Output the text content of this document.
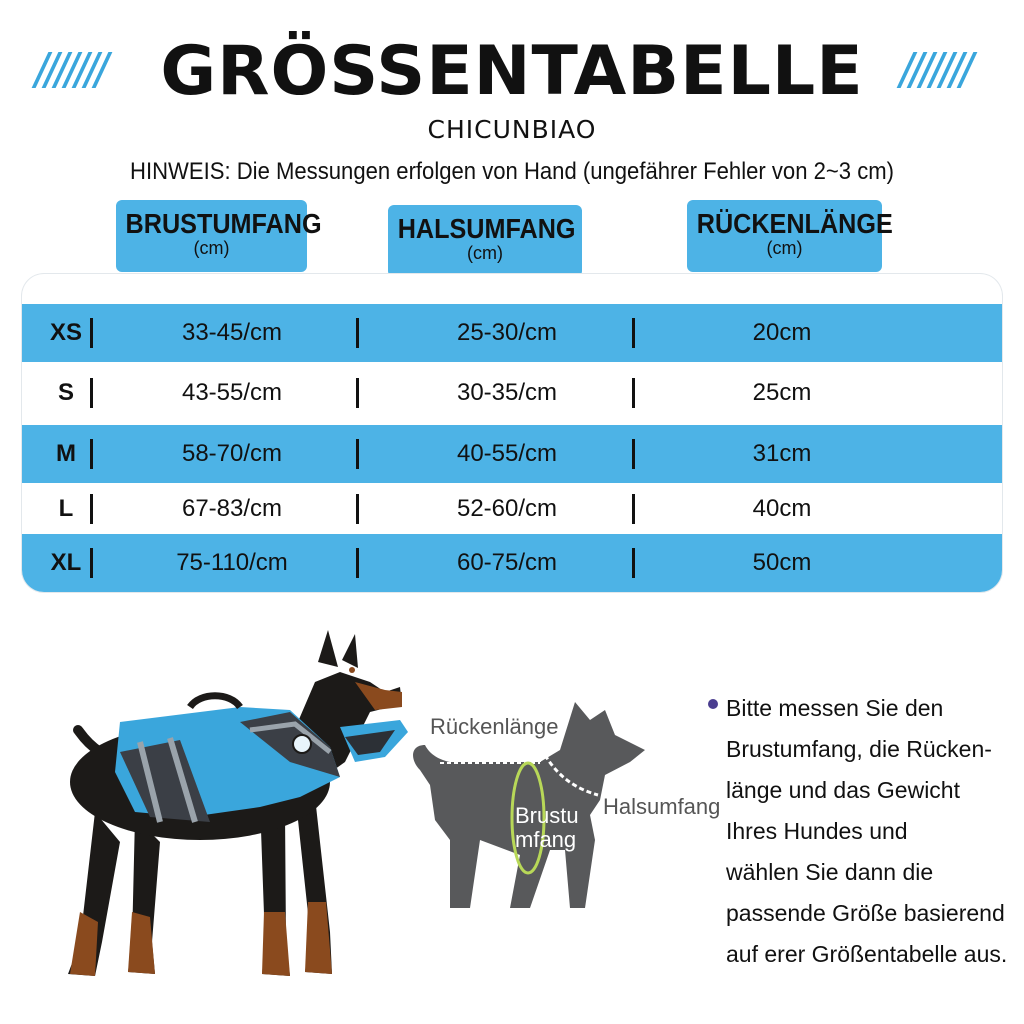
GRÖSSENTABELLE
CHICUNBIAO
HINWEIS: Die Messungen erfolgen von Hand (ungefährer Fehler von 2~3 cm)
BRUSTUMFANG
(cm)
HALSUMFANG
(cm)
RÜCKENLÄNGE
(cm)
XS	33-45/cm	25-30/cm	20cm
S	43-55/cm	30-35/cm	25cm
M	58-70/cm	40-55/cm	31cm
L	67-83/cm	52-60/cm	40cm
XL	75-110/cm	60-75/cm	50cm
Rückenlänge
Halsumfang
Brustu
mfang
Bitte messen Sie den
Brustumfang, die Rücken-
länge und das Gewicht
Ihres Hundes und
wählen Sie dann die
passende Größe basierend
auf erer Größentabelle aus.
